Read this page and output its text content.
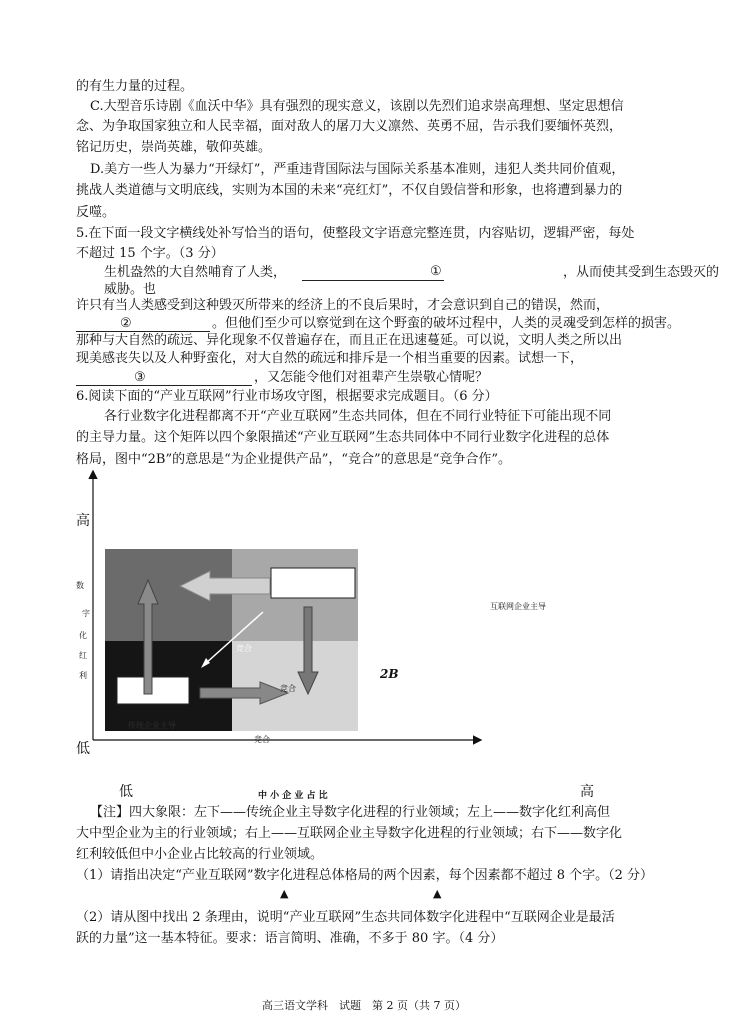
的有生力量的过程。
C.大型音乐诗剧《血沃中华》具有强烈的现实意义，该剧以先烈们追求崇高理想、坚定思想信
念、为争取国家独立和人民幸福，面对敌人的屠刀大义凛然、英勇不屈，告示我们要缅怀英烈，
铭记历史，崇尚英雄，敬仰英雄。
D.美方一些人为暴力“开绿灯”，严重违背国际法与国际关系基本准则，违犯人类共同价值观，
挑战人类道德与文明底线，实则为本国的未来“亮红灯”，不仅自毁信誉和形象，也将遭到暴力的
反噬。
5.在下面一段文字横线处补写恰当的语句，使整段文字语意完整连贯，内容贴切，逻辑严密，每处
不超过 15 个字。（3 分）
生机盎然的大自然哺育了人类，	①	，从而使其受到生态毁灭的
威胁。也
许只有当人类感受到这种毁灭所带来的经济上的不良后果时，才会意识到自己的错误，然而，
②	。但他们至少可以察觉到在这个野蛮的破坏过程中，人类的灵魂受到怎样的损害。
那种与大自然的疏远、异化现象不仅普遍存在，而且正在迅速蔓延。可以说，文明人类之所以出
现美感丧失以及人种野蛮化，对大自然的疏远和排斥是一个相当重要的因素。试想一下，
③	，又怎能令他们对祖辈产生崇敬心情呢？
6.阅读下面的“产业互联网”行业市场攻守图，根据要求完成题目。（6 分）
各行业数字化进程都离不开“产业互联网”生态共同体，但在不同行业特征下可能出现不同
的主导力量。这个矩阵以四个象限描述“产业互联网”生态共同体中不同行业数字化进程的总体
格局，图中“2B”的意思是“为企业提供产品”，“竞合”的意思是“竞争合作”。
高
数
字
化
红
利
低
互联网企业主导
2B
竞合
竞合
竞合
传统企业主导
低	中 小 企 业 占 比	高
【注】四大象限：左下——传统企业主导数字化进程的行业领域；左上——数字化红利高但
大中型企业为主的行业领域；右上——互联网企业主导数字化进程的行业领域；右下——数字化
红利较低但中小企业占比较高的行业领域。
（1）请指出决定“产业互联网”数字化进程总体格局的两个因素，每个因素都不超过 8 个字。（2 分）
▲	▲
（2）请从图中找出 2 条理由，说明“产业互联网”生态共同体数字化进程中“互联网企业是最活
跃的力量”这一基本特征。要求：语言简明、准确，不多于 80 字。（4 分）
高三语文学科　试题　第 2 页（共 7 页）
